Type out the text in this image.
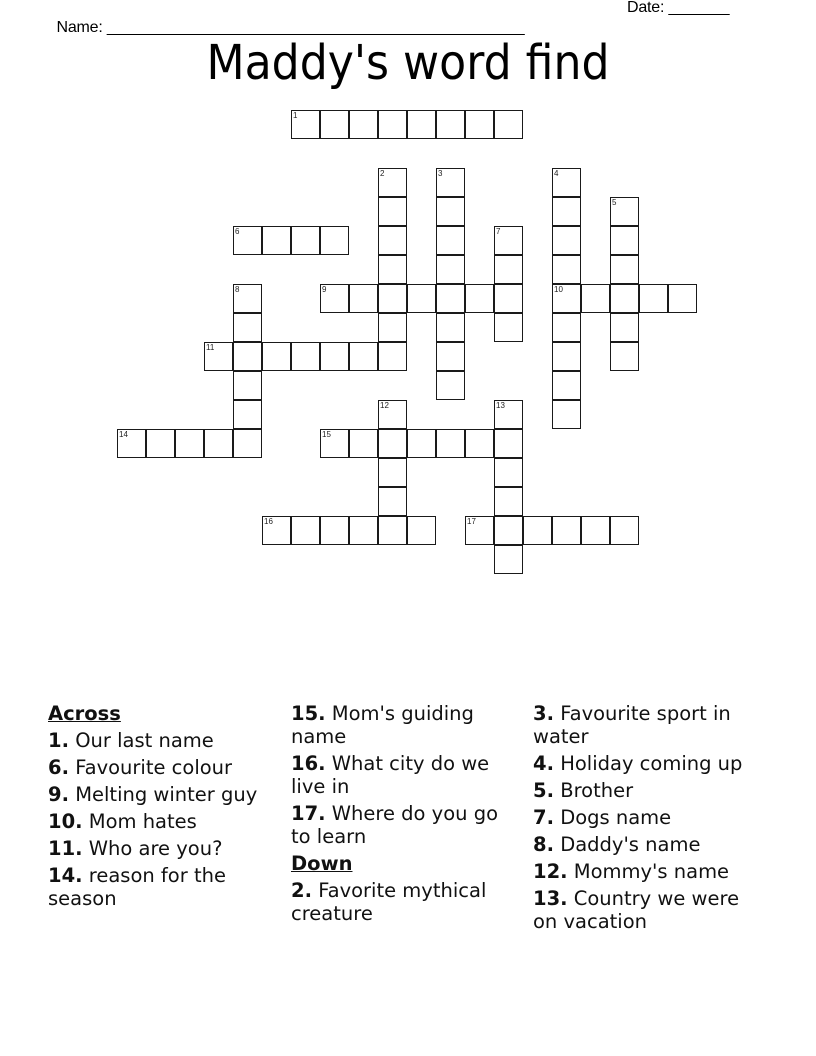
Name: ________________________________________________

Date: _______

Maddy's word find
1
2	3	4
10
5
6	7
8	9
11
12	13
14	15
16	17
Across
1. Our last name
6. Favourite colour
9. Melting winter guy
10. Mom hates
11. Who are you?
14. reason for the season
15. Mom's guiding name
16. What city do we live in
17. Where do you go to learn
Down
2. Favorite mythical creature
3. Favourite sport in water
4. Holiday coming up
5. Brother
7. Dogs name
8. Daddy's name
12. Mommy's name
13. Country we were on vacation
